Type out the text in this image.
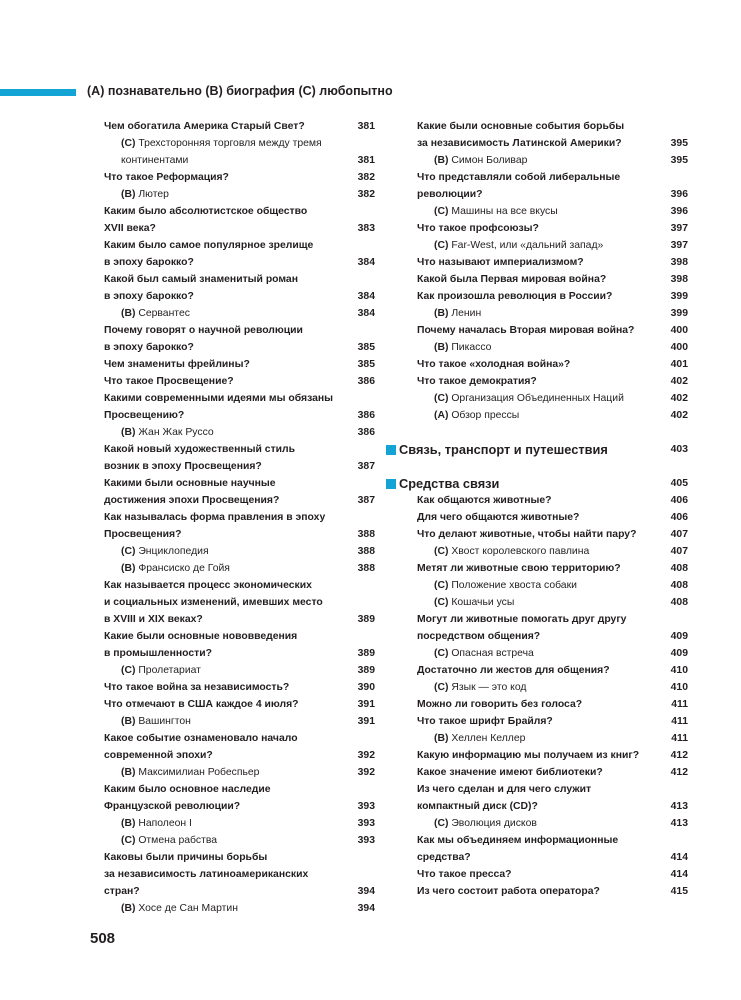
(А) познавательно (В) биография (С) любопытно
Чем обогатила Америка Старый Свет?	381
(С) Трехсторонняя торговля между тремя
континентами	381
Что такое Реформация?	382
(В) Лютер	382
Каким было абсолютистское общество
XVII века?	383
Каким было самое популярное зрелище
в эпоху барокко?	384
Какой был самый знаменитый роман
в эпоху барокко?	384
(В) Сервантес	384
Почему говорят о научной революции
в эпоху барокко?	385
Чем знамениты фрейлины?	385
Что такое Просвещение?	386
Какими современными идеями мы обязаны
Просвещению?	386
(В) Жан Жак Руссо	386
Какой новый художественный стиль
возник в эпоху Просвещения?	387
Какими были основные научные
достижения эпохи Просвещения?	387
Как называлась форма правления в эпоху
Просвещения?	388
(С) Энциклопедия	388
(В) Франсиско де Гойя	388
Как называется процесс экономических
и социальных изменений, имевших место
в XVIII и XIX веках?	389
Какие были основные нововведения
в промышленности?	389
(С) Пролетариат	389
Что такое война за независимость?	390
Что отмечают в США каждое 4 июля?	391
(В) Вашингтон	391
Какое событие ознаменовало начало
современной эпохи?	392
(В) Максимилиан Робеспьер	392
Каким было основное наследие
Французской революции?	393
(В) Наполеон I	393
(С) Отмена рабства	393
Каковы были причины борьбы
за независимость латиноамериканских
стран?	394
(В) Хосе де Сан Мартин	394
Какие были основные события борьбы
за независимость Латинской Америки?	395
(В) Симон Боливар	395
Что представляли собой либеральные
революции?	396
(С) Машины на все вкусы	396
Что такое профсоюзы?	397
(С) Far-West, или «дальний запад»	397
Что называют империализмом?	398
Какой была Первая мировая война?	398
Как произошла революция в России?	399
(В) Ленин	399
Почему началась Вторая мировая война?	400
(В) Пикассо	400
Что такое «холодная война»?	401
Что такое демократия?	402
(С) Организация Объединенных Наций	402
(А) Обзор прессы	402
Связь, транспорт и путешествия	403
Средства связи	405
Как общаются животные?	406
Для чего общаются животные?	406
Что делают животные, чтобы найти пару?	407
(С) Хвост королевского павлина	407
Метят ли животные свою территорию?	408
(С) Положение хвоста собаки	408
(С) Кошачьи усы	408
Могут ли животные помогать друг другу
посредством общения?	409
(С) Опасная встреча	409
Достаточно ли жестов для общения?	410
(С) Язык — это код	410
Можно ли говорить без голоса?	411
Что такое шрифт Брайля?	411
(В) Хеллен Келлер	411
Какую информацию мы получаем из книг?	412
Какое значение имеют библиотеки?	412
Из чего сделан и для чего служит
компактный диск (CD)?	413
(С) Эволюция дисков	413
Как мы объединяем информационные
средства?	414
Что такое пресса?	414
Из чего состоит работа оператора?	415
508
